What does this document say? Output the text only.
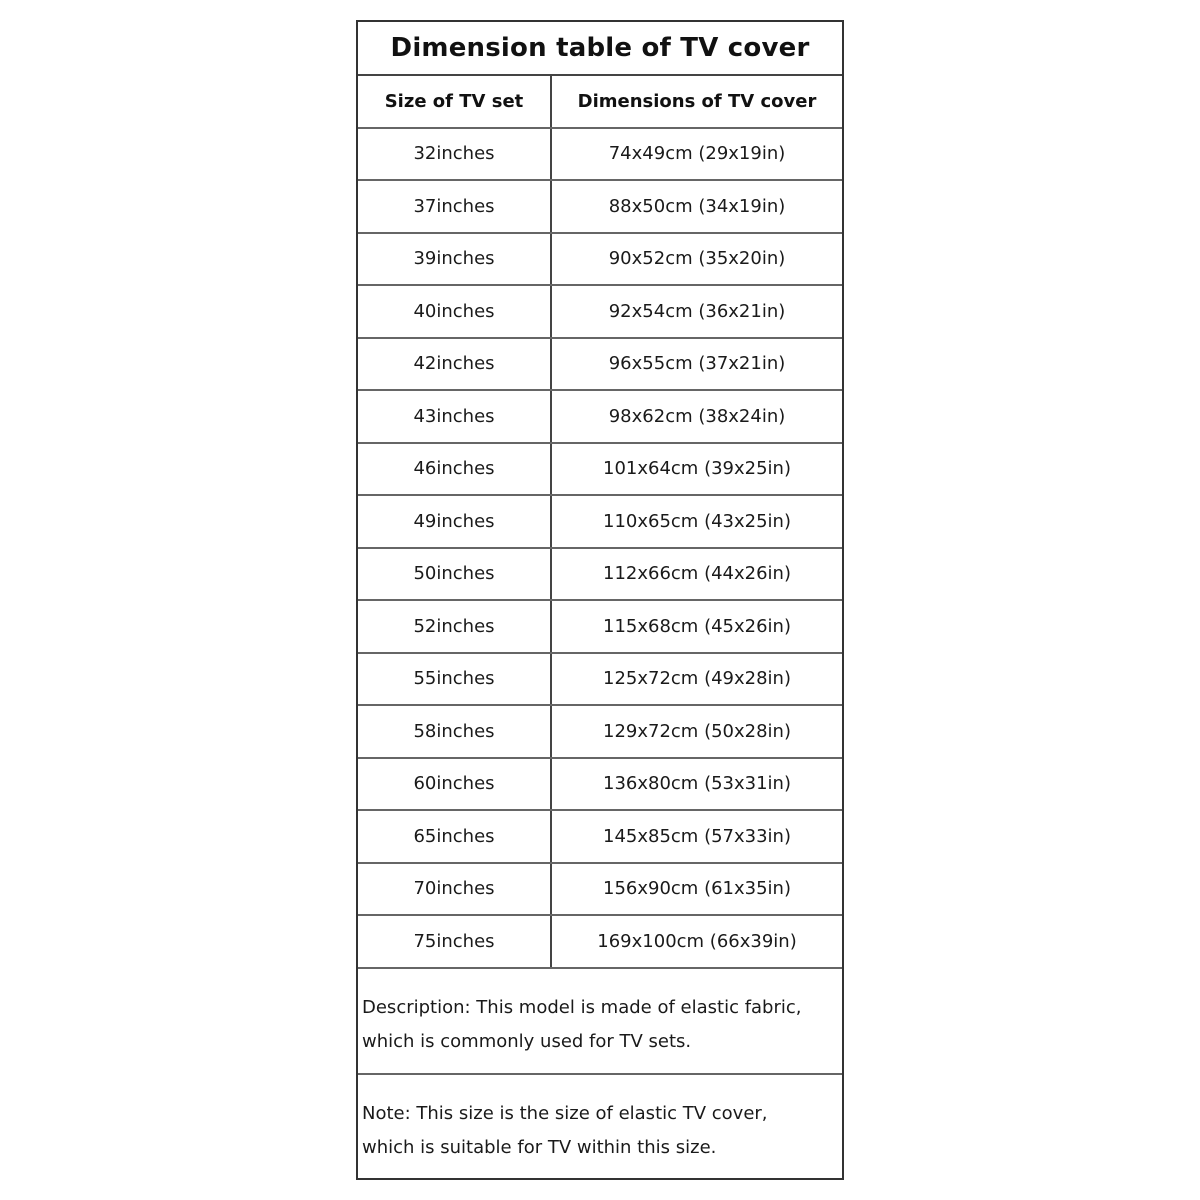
Dimension table of TV cover
Size of TV set	Dimensions of TV cover
32inches	74x49cm (29x19in)
37inches	88x50cm (34x19in)
39inches	90x52cm (35x20in)
40inches	92x54cm (36x21in)
42inches	96x55cm (37x21in)
43inches	98x62cm (38x24in)
46inches	101x64cm (39x25in)
49inches	110x65cm (43x25in)
50inches	112x66cm (44x26in)
52inches	115x68cm (45x26in)
55inches	125x72cm (49x28in)
58inches	129x72cm (50x28in)
60inches	136x80cm (53x31in)
65inches	145x85cm (57x33in)
70inches	156x90cm (61x35in)
75inches	169x100cm (66x39in)
Description: This model is made of elastic fabric,
which is commonly used for TV sets.
Note: This size is the size of elastic TV cover,
which is suitable for TV within this size.
